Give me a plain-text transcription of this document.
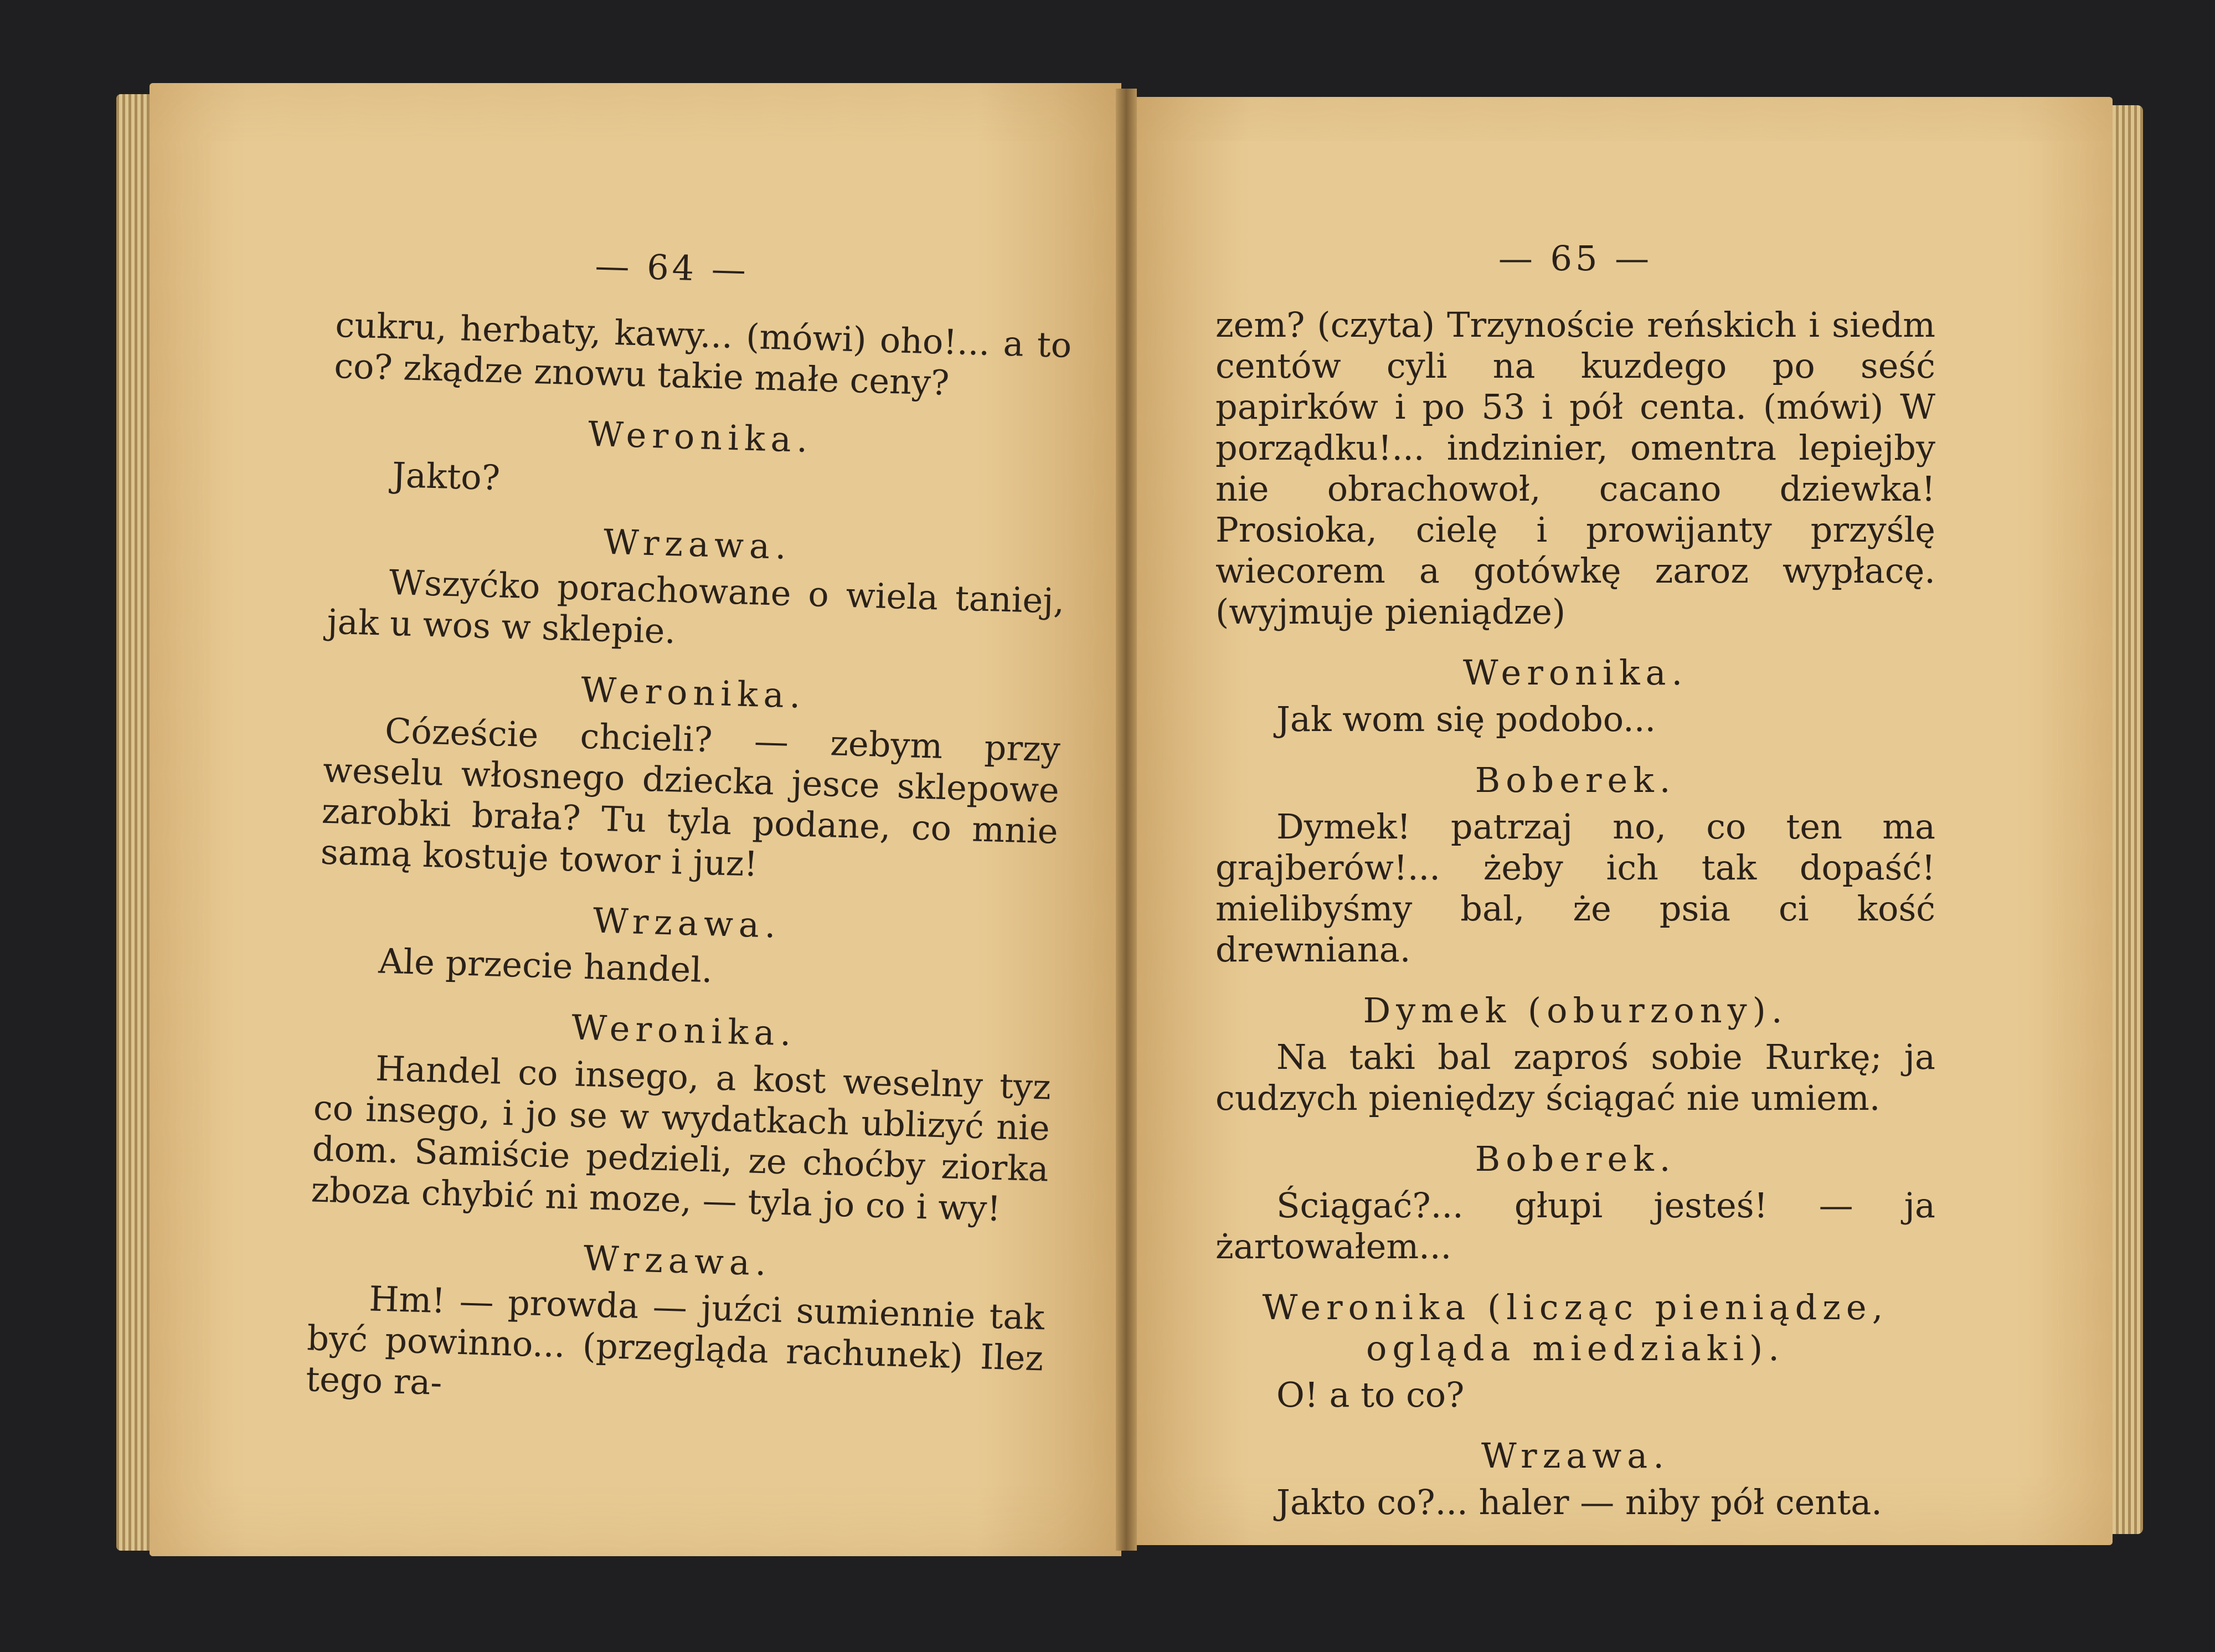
— 64 —

cukru, herbaty, kawy... (mówi) oho!... a to co? zkądze znowu takie małe ceny?

Weronika.

Jakto?

Wrzawa.

Wszyćko porachowane o wiela taniej, jak u wos w sklepie.

Weronika.

Cózeście chcieli? — zebym przy weselu włosnego dziecka jesce sklepowe zarobki brała? Tu tyla podane, co mnie samą kostuje towor i juz!

Wrzawa.

Ale przecie handel.

Weronika.

Handel co insego, a kost weselny tyz co insego, i jo se w wydatkach ublizyć nie dom. Samiście pedzieli, ze choćby ziorka zboza chybić ni moze, — tyla jo co i wy!

Wrzawa.

Hm! — prowda — juźci sumiennie tak być powinno... (przegląda rachunek) Ilez tego ra-

— 65 —

zem? (czyta) Trzynoście reńskich i siedm centów cyli na kuzdego po seść papirków i po 53 i pół centa. (mówi) W porządku!... indzinier, omentra lepiejby nie obrachowoł, cacano dziewka! Prosioka, cielę i prowijanty przyślę wiecorem a gotówkę zaroz wypłacę. (wyjmuje pieniądze)

Weronika.

Jak wom się podobo...

Boberek.

Dymek! patrzaj no, co ten ma grajberów!... żeby ich tak dopaść! mielibyśmy bal, że psia ci kość drewniana.

Dymek (oburzony).

Na taki bal zaproś sobie Rurkę; ja cudzych pieniędzy ściągać nie umiem.

Boberek.

Ściągać?... głupi jesteś! — ja żartowałem...

Weronika (licząc pieniądze, ogląda miedziaki).

O! a to co?

Wrzawa.

Jakto co?... haler — niby pół centa.
